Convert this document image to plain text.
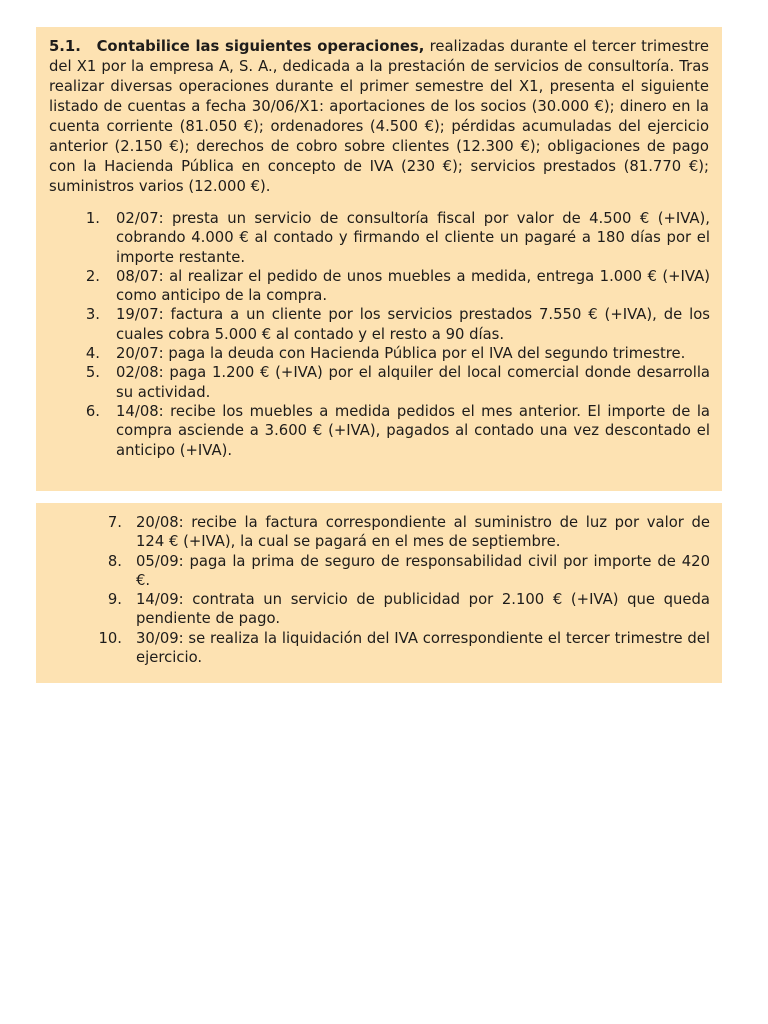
5.1. Contabilice las siguientes operaciones, realizadas durante el tercer trimestre del X1 por la empresa A, S. A., dedicada a la prestación de servicios de consultoría. Tras realizar diversas operaciones durante el primer semestre del X1, presenta el siguiente listado de cuentas a fecha 30/06/X1: aportaciones de los socios (30.000 €); dinero en la cuenta corriente (81.050 €); ordenadores (4.500 €); pérdidas acumuladas del ejercicio anterior (2.150 €); derechos de cobro sobre clientes (12.300 €); obligaciones de pago con la Hacienda Pública en concepto de IVA (230 €); servicios prestados (81.770 €); suministros varios (12.000 €).

1. 02/07: presta un servicio de consultoría fiscal por valor de 4.500 € (+IVA), cobrando 4.000 € al contado y firmando el cliente un pagaré a 180 días por el importe restante.
2. 08/07: al realizar el pedido de unos muebles a medida, entrega 1.000 € (+IVA) como anticipo de la compra.
3. 19/07: factura a un cliente por los servicios prestados 7.550 € (+IVA), de los cuales cobra 5.000 € al contado y el resto a 90 días.
4. 20/07: paga la deuda con Hacienda Pública por el IVA del segundo trimestre.
5. 02/08: paga 1.200 € (+IVA) por el alquiler del local comercial donde desarrolla su actividad.
6. 14/08: recibe los muebles a medida pedidos el mes anterior. El importe de la compra asciende a 3.600 € (+IVA), pagados al contado una vez descontado el anticipo (+IVA).
7. 20/08: recibe la factura correspondiente al suministro de luz por valor de 124 € (+IVA), la cual se pagará en el mes de septiembre.
8. 05/09: paga la prima de seguro de responsabilidad civil por importe de 420 €.
9. 14/09: contrata un servicio de publicidad por 2.100 € (+IVA) que queda pendiente de pago.
10. 30/09: se realiza la liquidación del IVA correspondiente el tercer trimestre del ejercicio.
